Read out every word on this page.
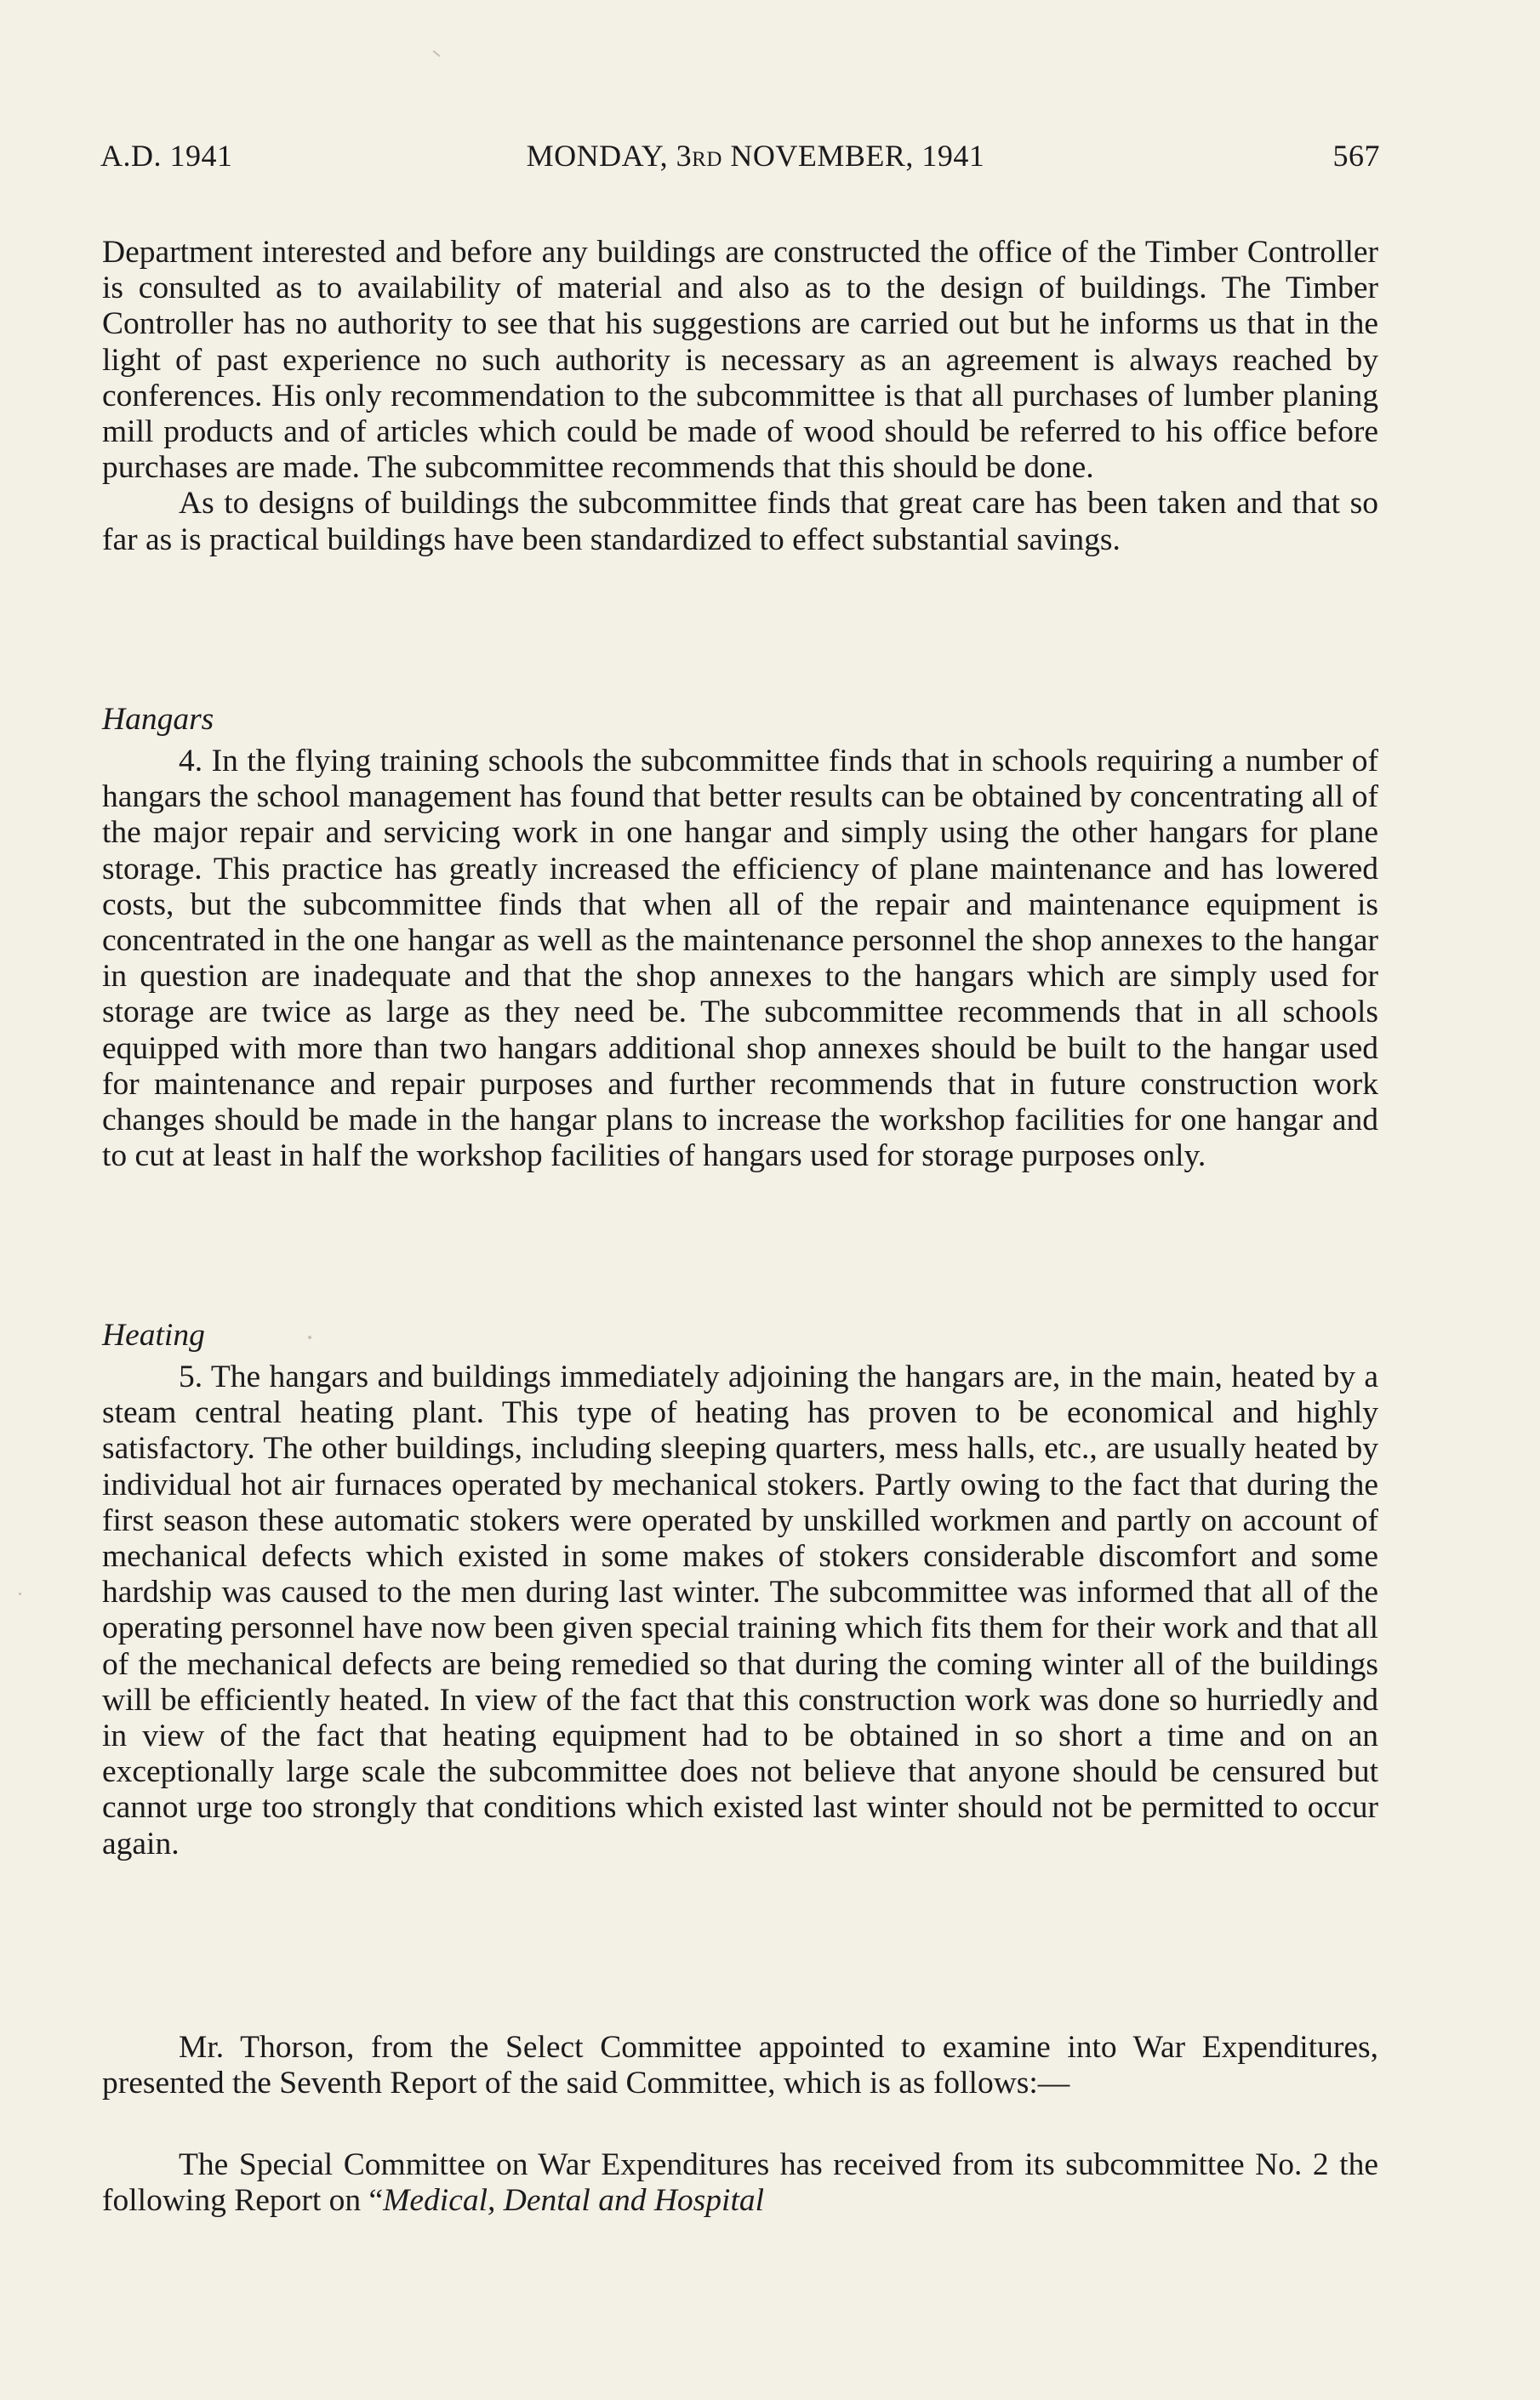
A.D. 1941	MONDAY, 3rd NOVEMBER, 1941	567

Department interested and before any buildings are constructed the office of the Timber Controller is consulted as to availability of material and also as to the design of buildings. The Timber Controller has no authority to see that his suggestions are carried out but he informs us that in the light of past experience no such authority is necessary as an agreement is always reached by conferences. His only recommendation to the subcommittee is that all purchases of lumber planing mill products and of articles which could be made of wood should be referred to his office before purchases are made. The subcommittee recommends that this should be done.

As to designs of buildings the subcommittee finds that great care has been taken and that so far as is practical buildings have been standardized to effect substantial savings.

Hangars

4. In the flying training schools the subcommittee finds that in schools requiring a number of hangars the school management has found that better results can be obtained by concentrating all of the major repair and servicing work in one hangar and simply using the other hangars for plane storage. This practice has greatly increased the efficiency of plane maintenance and has lowered costs, but the subcommittee finds that when all of the repair and maintenance equipment is concentrated in the one hangar as well as the maintenance personnel the shop annexes to the hangar in question are inadequate and that the shop annexes to the hangars which are simply used for storage are twice as large as they need be. The subcommittee recommends that in all schools equipped with more than two hangars additional shop annexes should be built to the hangar used for maintenance and repair purposes and further recommends that in future construction work changes should be made in the hangar plans to increase the workshop facilities for one hangar and to cut at least in half the workshop facilities of hangars used for storage purposes only.

Heating

5. The hangars and buildings immediately adjoining the hangars are, in the main, heated by a steam central heating plant. This type of heating has proven to be economical and highly satisfactory. The other buildings, including sleeping quarters, mess halls, etc., are usually heated by individual hot air furnaces operated by mechanical stokers. Partly owing to the fact that during the first season these automatic stokers were operated by unskilled workmen and partly on account of mechanical defects which existed in some makes of stokers considerable discomfort and some hardship was caused to the men during last winter. The subcommittee was informed that all of the operating personnel have now been given special training which fits them for their work and that all of the mechanical defects are being remedied so that during the coming winter all of the buildings will be efficiently heated. In view of the fact that this construction work was done so hurriedly and in view of the fact that heating equipment had to be obtained in so short a time and on an exceptionally large scale the subcommittee does not believe that anyone should be censured but cannot urge too strongly that conditions which existed last winter should not be permitted to occur again.

Mr. Thorson, from the Select Committee appointed to examine into War Expenditures, presented the Seventh Report of the said Committee, which is as follows:—

The Special Committee on War Expenditures has received from its subcommittee No. 2 the following Report on “Medical, Dental and Hospital
